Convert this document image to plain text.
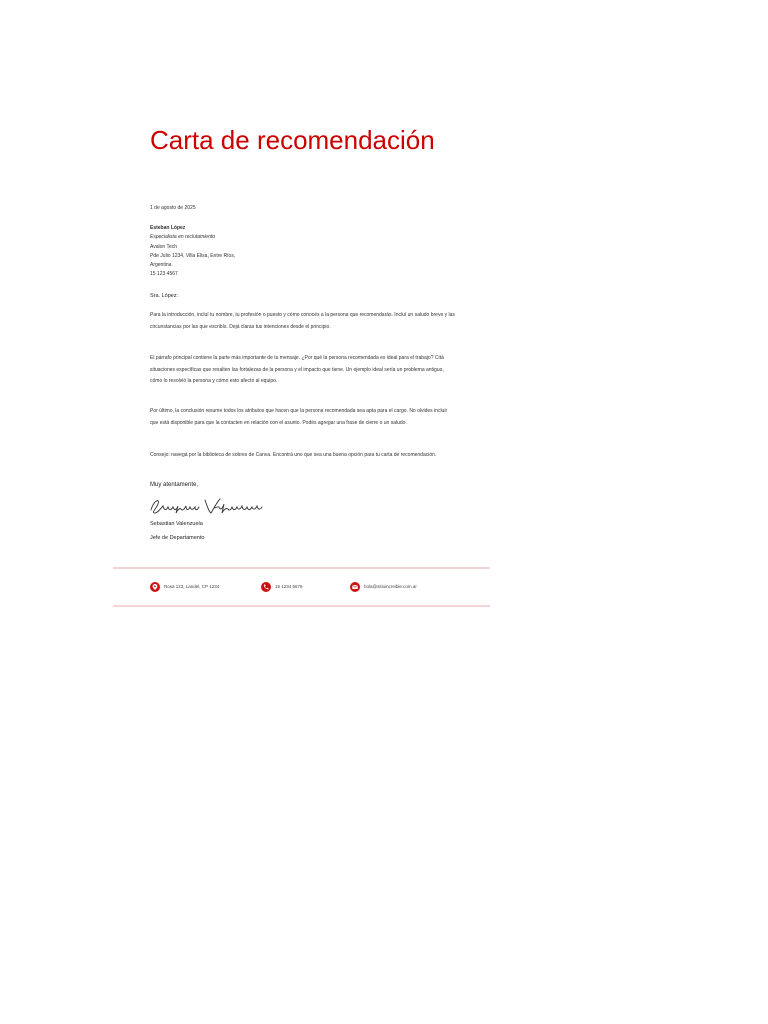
Carta de recomendación
1 de agosto de 2025
Esteban López
Especialista en reclutamiento
Avalon Tech
Pde Julio 1234, Villa Elisa, Entre Ríos,
Argentina
15 123 4567
Sra. López:

Para la introducción, incluí tu nombre, tu profesión o puesto y cómo conocés a la persona que recomendarás. Incluí un saludo breve y las circunstancias por las que escribís. Dejá claras tus intenciones desde el principio.

El párrafo principal contiene la parte más importante de tu mensaje. ¿Por qué la persona recomendada es ideal para el trabajo? Citá situaciones específicas que resalten las fortalezas de la persona y el impacto que tiene. Un ejemplo ideal sería un problema antiguo, cómo lo resolvió la persona y cómo esto afectó al equipo.

Por último, la conclusión resume todos los atributos que hacen que la persona recomendada sea apta para el cargo. No olvides incluir que está disponible para que la contacten en relación con el asunto. Podés agregar una frase de cierre o un saludo.

Consejo: navegá por la biblioteca de sobres de Canva. Encontrá uno que sea una buena opción para tu carta de recomendación.

Muy atentamente,
Sebastian Valenzuela
Jefe de Departamento
Rosa 123, Landel, CP 1234	15 1234 5678	hola@sitioincreible.com.ar
